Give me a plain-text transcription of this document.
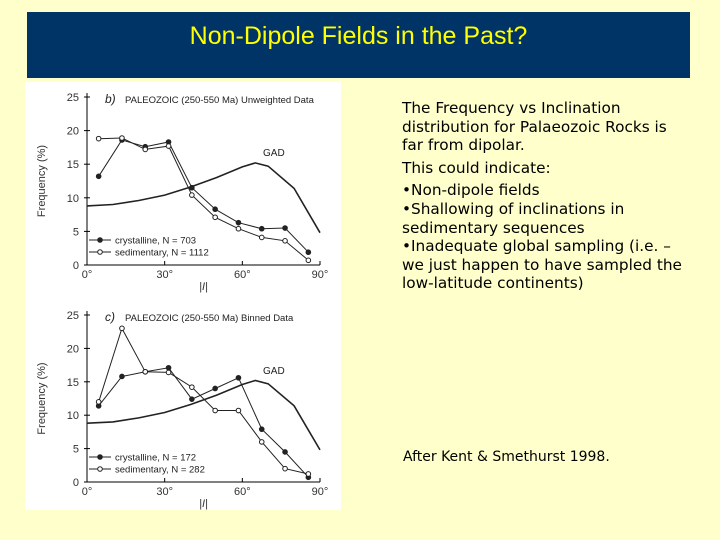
Non-Dipole Fields in the Past?
0
5
10
15
20
25
0°	30°	60°	90°
|I|
Frequency (%)
b) PALEOZOIC (250-550 Ma) Unweighted Data
GAD
crystalline, N = 703
sedimentary, N = 1112
0
5
10
15
20
25
0°	30°	60°	90°
|I|
Frequency (%)
c) PALEOZOIC (250-550 Ma) Binned Data
GAD
crystalline, N = 172
sedimentary, N = 282

The Frequency vs Inclination distribution for Palaeozoic Rocks is far from dipolar.

This could indicate:

•Non-dipole fields
•Shallowing of inclinations in sedimentary sequences
•Inadequate global sampling (i.e. – we just happen to have sampled the low-latitude continents)
After Kent & Smethurst 1998.
